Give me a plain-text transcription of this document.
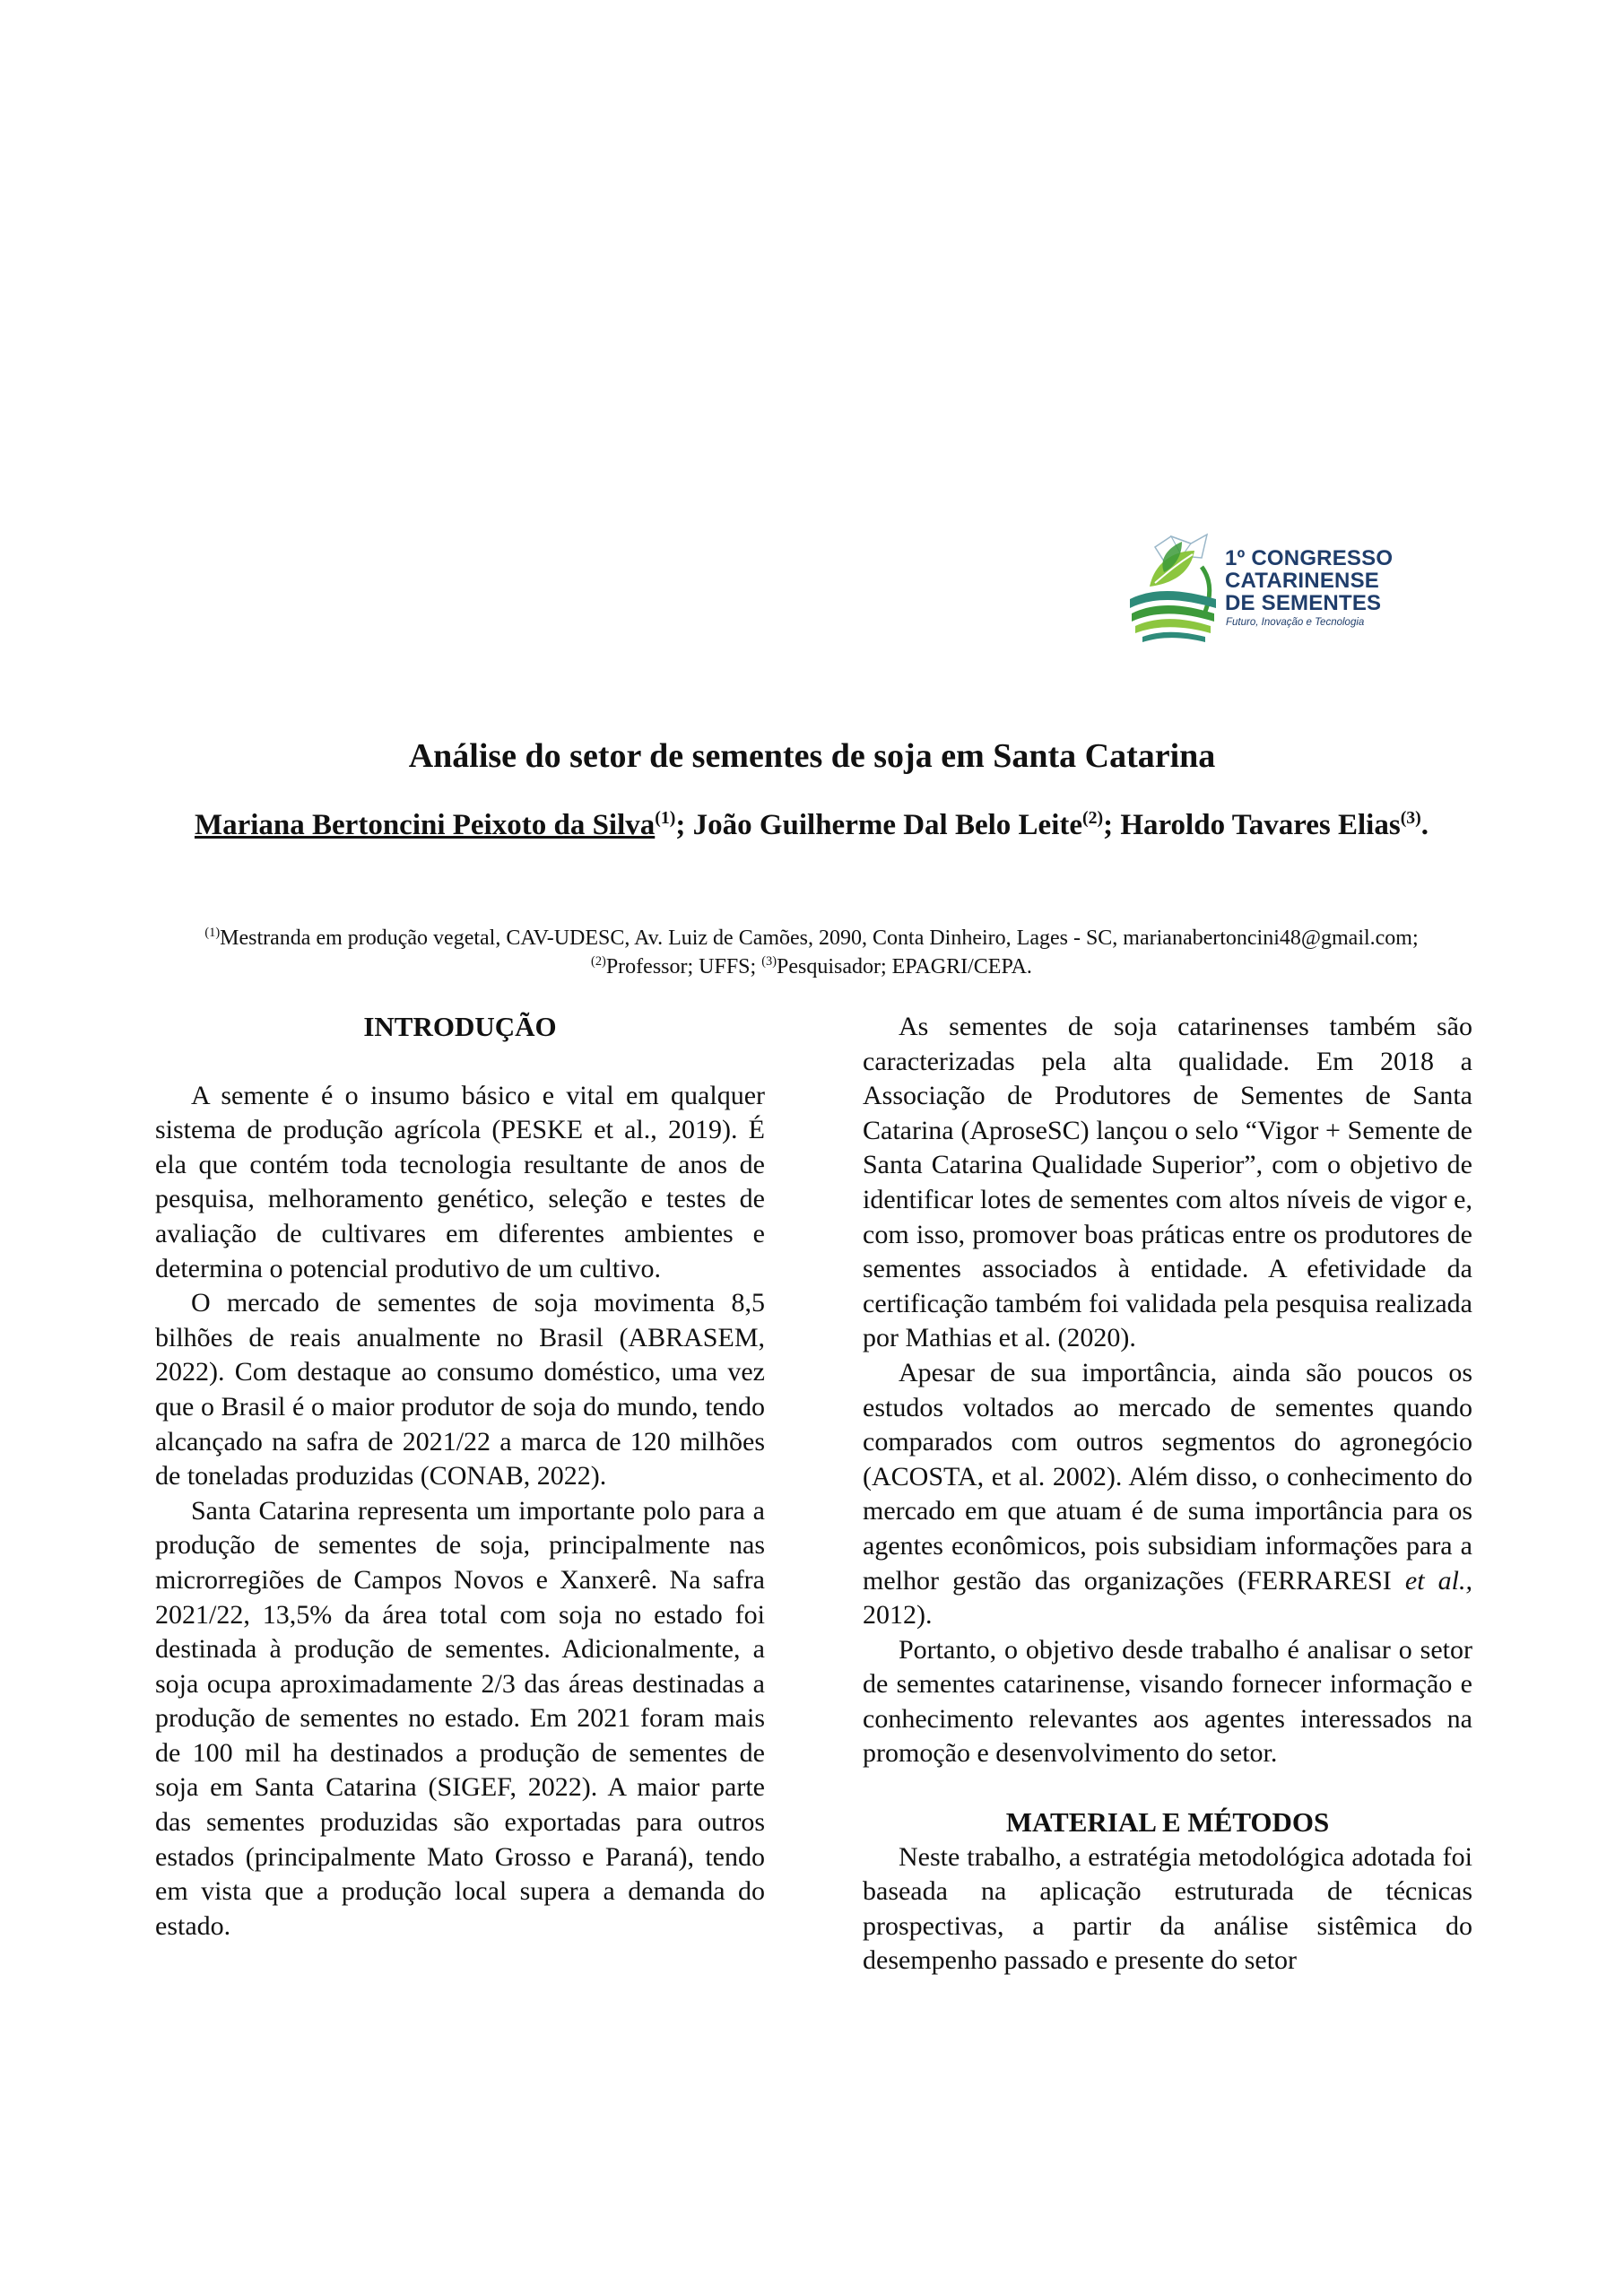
1º CONGRESSO
CATARINENSE
DE SEMENTES
Futuro, Inovação e Tecnologia
Análise do setor de sementes de soja em Santa Catarina
Mariana Bertoncini Peixoto da Silva$^{(1)}$; João Guilherme Dal Belo Leite$^{(2)}$; Haroldo Tavares Elias$^{(3)}$.
$^{(1)}$Mestranda em produção vegetal, CAV-UDESC, Av. Luiz de Camões, 2090, Conta Dinheiro, Lages - SC, marianabertoncini48@gmail.com; $^{(2)}$Professor; UFFS; $^{(3)}$Pesquisador; EPAGRI/CEPA.
INTRODUÇÃO

A semente é o insumo básico e vital em qualquer sistema de produção agrícola (PESKE et al., 2019). É ela que contém toda tecnologia resultante de anos de pesquisa, melhoramento genético, seleção e testes de avaliação de cultivares em diferentes ambientes e determina o potencial produtivo de um cultivo.

O mercado de sementes de soja movimenta 8,5 bilhões de reais anualmente no Brasil (ABRASEM, 2022). Com destaque ao consumo doméstico, uma vez que o Brasil é o maior produtor de soja do mundo, tendo alcançado na safra de 2021/22 a marca de 120 milhões de toneladas produzidas (CONAB, 2022).

Santa Catarina representa um importante polo para a produção de sementes de soja, principalmente nas microrregiões de Campos Novos e Xanxerê. Na safra 2021/22, 13,5% da área total com soja no estado foi destinada à produção de sementes. Adicionalmente, a soja ocupa aproximadamente 2/3 das áreas destinadas a produção de sementes no estado. Em 2021 foram mais de 100 mil ha destinados a produção de sementes de soja em Santa Catarina (SIGEF, 2022). A maior parte das sementes produzidas são exportadas para outros estados (principalmente Mato Grosso e Paraná), tendo em vista que a produção local supera a demanda do estado.

As sementes de soja catarinenses também são caracterizadas pela alta qualidade. Em 2018 a Associação de Produtores de Sementes de Santa Catarina (AproseSC) lançou o selo “Vigor + Semente de Santa Catarina Qualidade Superior”, com o objetivo de identificar lotes de sementes com altos níveis de vigor e, com isso, promover boas práticas entre os produtores de sementes associados à entidade. A efetividade da certificação também foi validada pela pesquisa realizada por Mathias et al. (2020).

Apesar de sua importância, ainda são poucos os estudos voltados ao mercado de sementes quando comparados com outros segmentos do agronegócio (ACOSTA, et al. 2002). Além disso, o conhecimento do mercado em que atuam é de suma importância para os agentes econômicos, pois subsidiam informações para a melhor gestão das organizações (FERRARESI et al., 2012).

Portanto, o objetivo desde trabalho é analisar o setor de sementes catarinense, visando fornecer informação e conhecimento relevantes aos agentes interessados na promoção e desenvolvimento do setor.

MATERIAL E MÉTODOS

Neste trabalho, a estratégia metodológica adotada foi baseada na aplicação estruturada de técnicas prospectivas, a partir da análise sistêmica do desempenho passado e presente do setor
